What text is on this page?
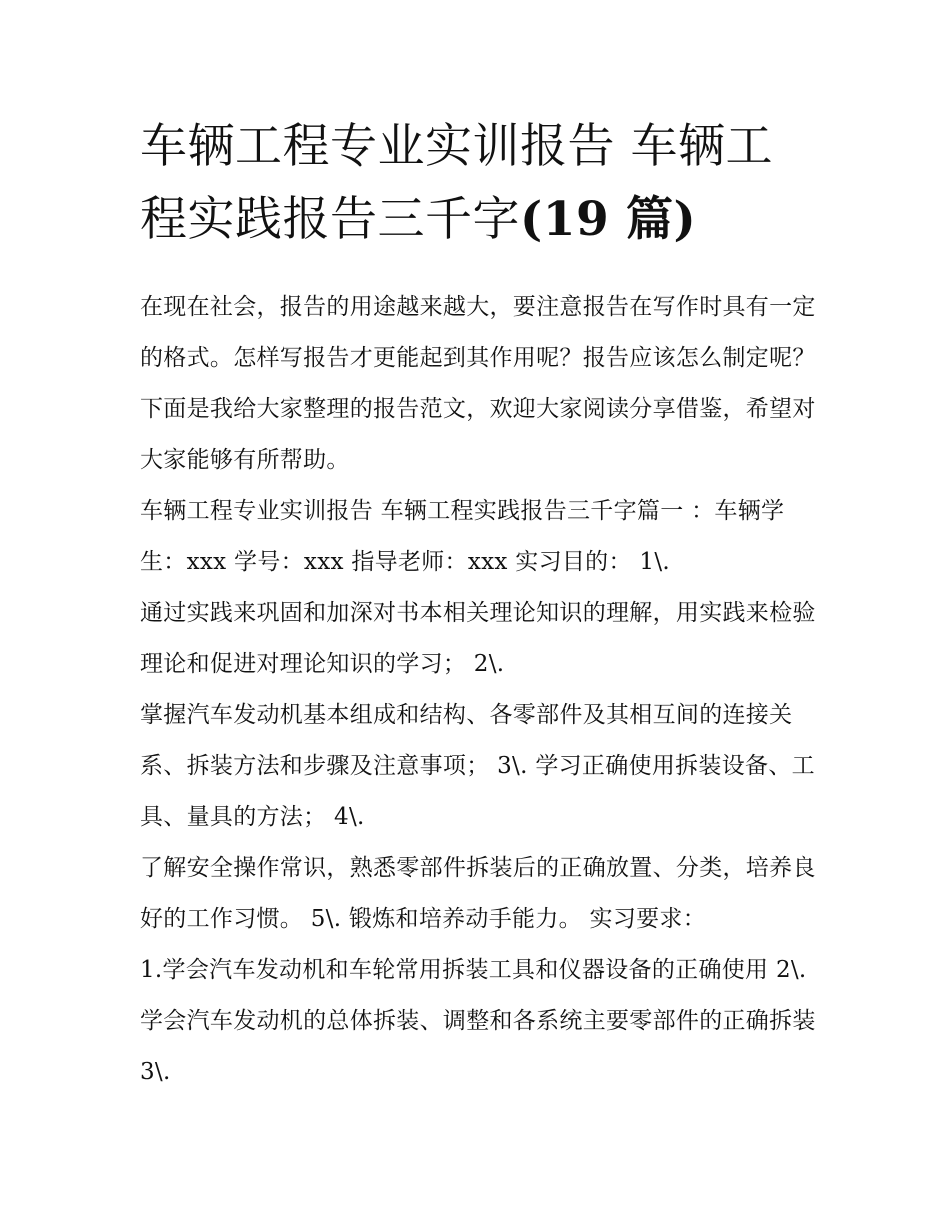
车辆工程专业实训报告 车辆工程实践报告三千字(19 篇)

在现在社会，报告的用途越来越大，要注意报告在写作时具有一定的格式。怎样写报告才更能起到其作用呢？报告应该怎么制定呢？下面是我给大家整理的报告范文，欢迎大家阅读分享借鉴，希望对大家能够有所帮助。

车辆工程专业实训报告 车辆工程实践报告三千字篇一 ：车辆学生：xxx 学号：xxx 指导老师：xxx 实习目的： 1\.

通过实践来巩固和加深对书本相关理论知识的理解，用实践来检验理论和促进对理论知识的学习； 2\.

掌握汽车发动机基本组成和结构、各零部件及其相互间的连接关系、拆装方法和步骤及注意事项； 3\. 学习正确使用拆装设备、工具、量具的方法； 4\.

了解安全操作常识，熟悉零部件拆装后的正确放置、分类，培养良好的工作习惯。 5\. 锻炼和培养动手能力。 实习要求：

1.学会汽车发动机和车轮常用拆装工具和仪器设备的正确使用 2\. 学会汽车发动机的总体拆装、调整和各系统主要零部件的正确拆装 3\.
